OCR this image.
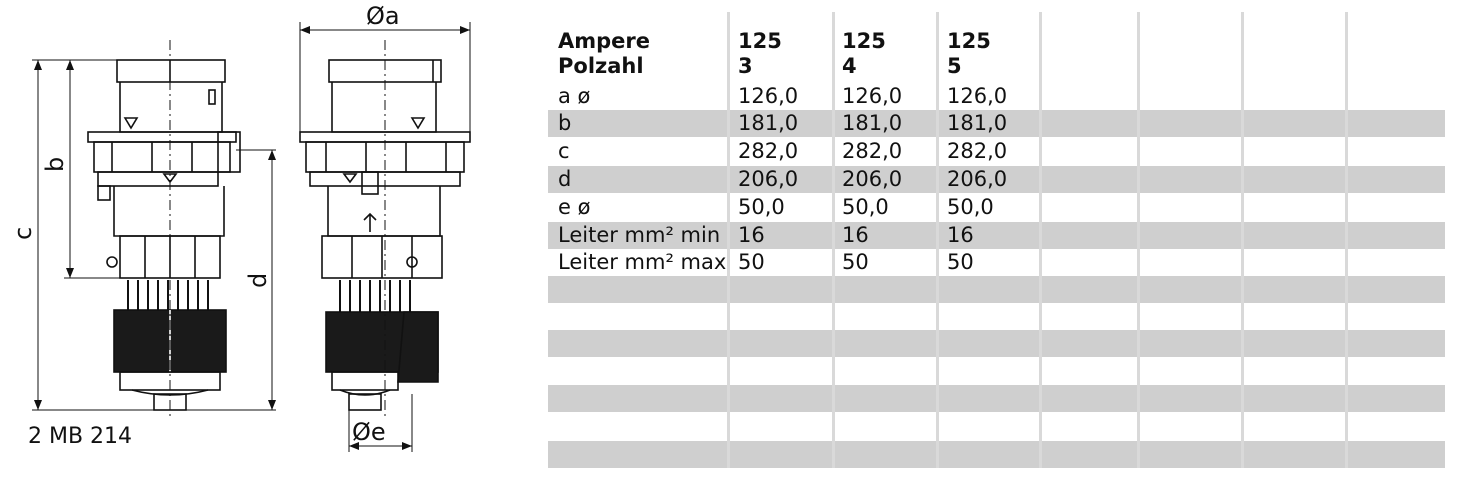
Øa
b
c
d
Øe
2 MB 214
Ampere	125	125	125
Polzahl	3	4	5
a ø	126,0 126,0 126,0
b	181,0 181,0 181,0
c	282,0 282,0 282,0
d	206,0 206,0 206,0
e ø	50,0	50,0	50,0
Leiter mm² min 16	16	16
Leiter mm² max 50	50	50
